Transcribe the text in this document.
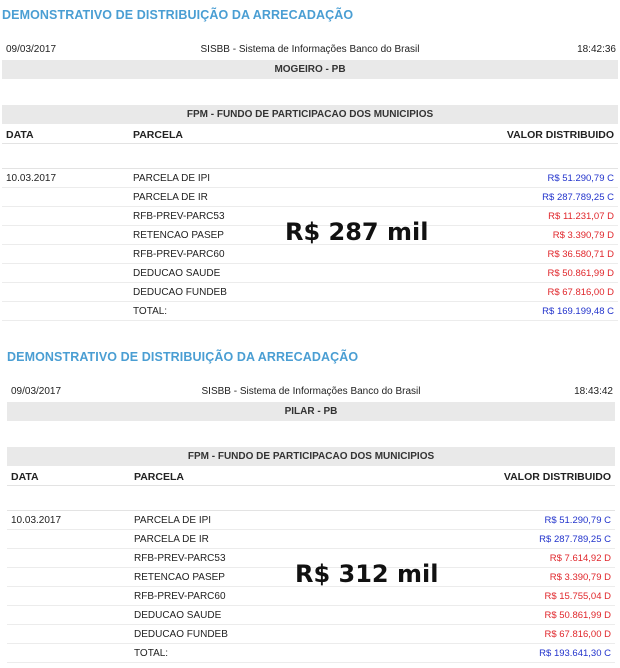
DEMONSTRATIVO DE DISTRIBUIÇÃO DA ARRECADAÇÃO
09/03/2017	SISBB - Sistema de Informações Banco do Brasil	18:42:36
MOGEIRO - PB
FPM - FUNDO DE PARTICIPACAO DOS MUNICIPIOS
DATA	PARCELA	VALOR DISTRIBUIDO
10.03.2017	PARCELA DE IPI	R$ 51.290,79 C
PARCELA DE IR	R$ 287.789,25 C
RFB-PREV-PARC53	R$ 11.231,07 D
RETENCAO PASEP	R$ 3.390,79 D
RFB-PREV-PARC60	R$ 36.580,71 D
DEDUCAO SAUDE	R$ 50.861,99 D
DEDUCAO FUNDEB	R$ 67.816,00 D
TOTAL:	R$ 169.199,48 C
R$ 287 mil
DEMONSTRATIVO DE DISTRIBUIÇÃO DA ARRECADAÇÃO
09/03/2017	SISBB - Sistema de Informações Banco do Brasil	18:43:42
PILAR - PB
FPM - FUNDO DE PARTICIPACAO DOS MUNICIPIOS
DATA	PARCELA	VALOR DISTRIBUIDO
10.03.2017	PARCELA DE IPI	R$ 51.290,79 C
PARCELA DE IR	R$ 287.789,25 C
RFB-PREV-PARC53	R$ 7.614,92 D
RETENCAO PASEP	R$ 3.390,79 D
RFB-PREV-PARC60	R$ 15.755,04 D
DEDUCAO SAUDE	R$ 50.861,99 D
DEDUCAO FUNDEB	R$ 67.816,00 D
TOTAL:	R$ 193.641,30 C
R$ 312 mil
